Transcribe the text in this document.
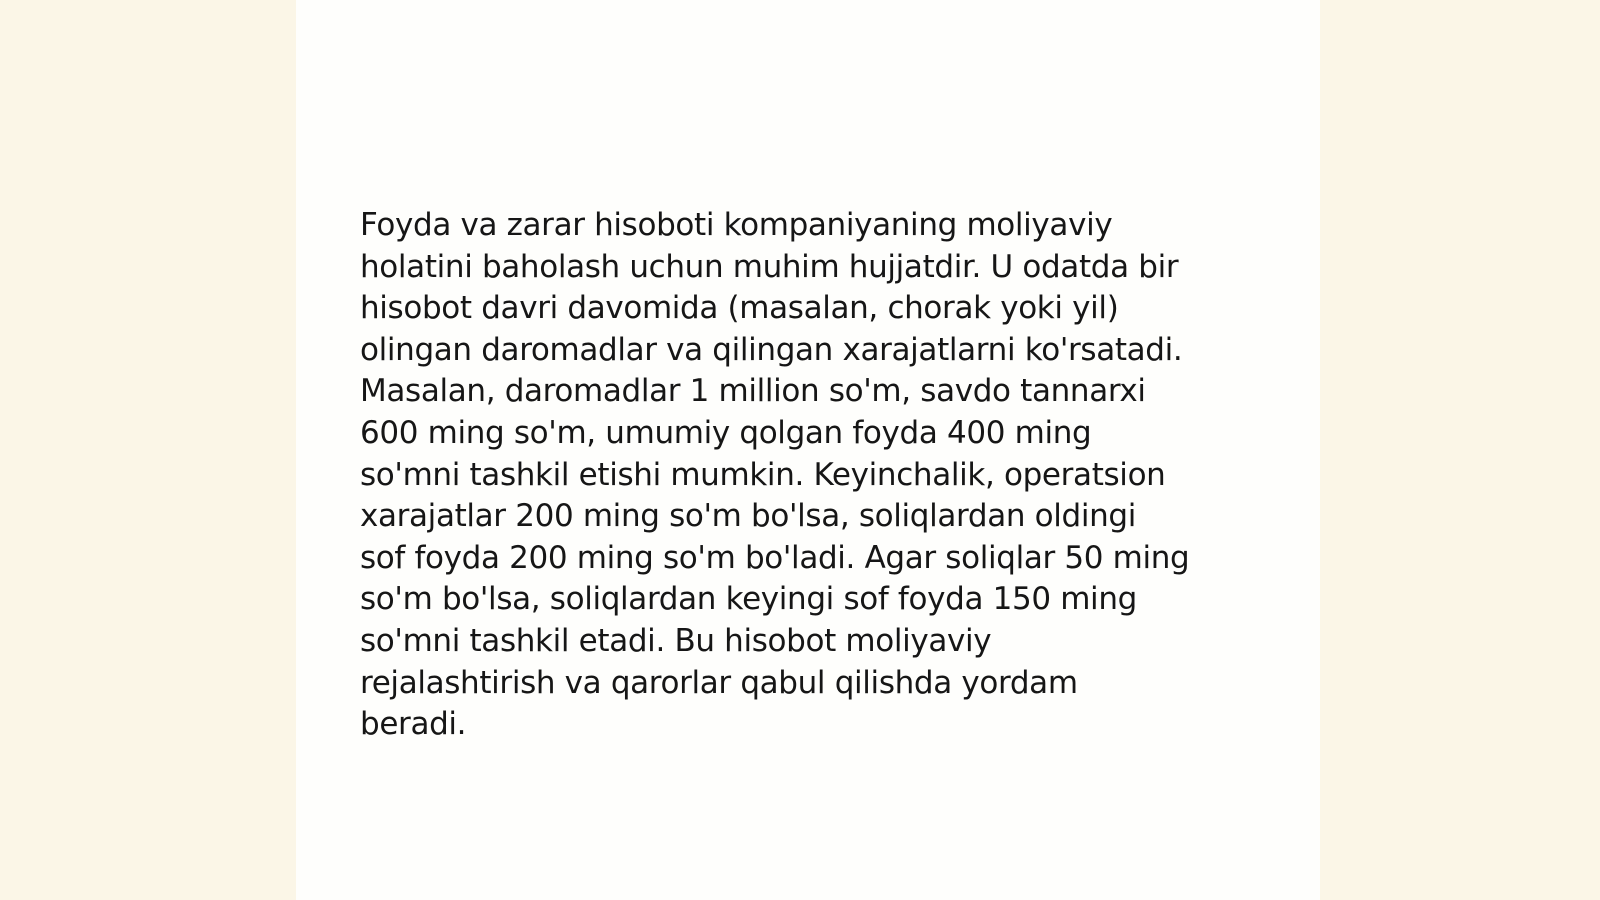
Foyda va zarar hisoboti kompaniyaning moliyaviy
holatini baholash uchun muhim hujjatdir. U odatda bir
hisobot davri davomida (masalan, chorak yoki yil)
olingan daromadlar va qilingan xarajatlarni ko'rsatadi.
Masalan, daromadlar 1 million so'm, savdo tannarxi
600 ming so'm, umumiy qolgan foyda 400 ming
so'mni tashkil etishi mumkin. Keyinchalik, operatsion
xarajatlar 200 ming so'm bo'lsa, soliqlardan oldingi
sof foyda 200 ming so'm bo'ladi. Agar soliqlar 50 ming
so'm bo'lsa, soliqlardan keyingi sof foyda 150 ming
so'mni tashkil etadi. Bu hisobot moliyaviy
rejalashtirish va qarorlar qabul qilishda yordam
beradi.
